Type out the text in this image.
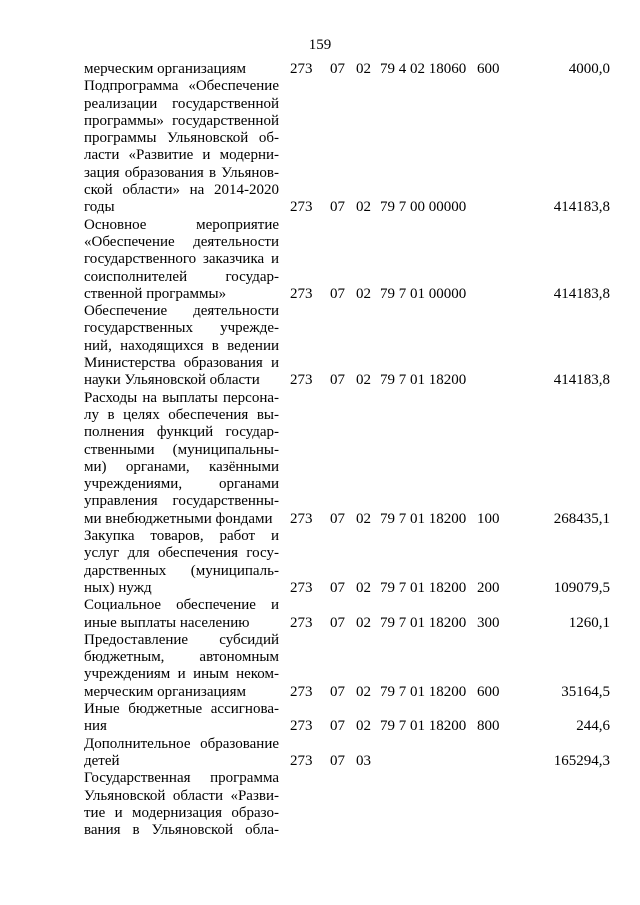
159
мерческим организациям	273 07 02 79 4 02 18060 600	4000,0
Подпрограмма «Обеспечение
реализации государственной
программы» государственной
программы Ульяновской об-
ласти «Развитие и модерни-
зация образования в Ульянов-
ской области» на 2014-2020
годы	273 07 02 79 7 00 00000	414183,8
Основное мероприятие
«Обеспечение деятельности
государственного заказчика и
соисполнителей государ-
ственной программы»	273 07 02 79 7 01 00000	414183,8
Обеспечение деятельности
государственных учрежде-
ний, находящихся в ведении
Министерства образования и
науки Ульяновской области	273 07 02 79 7 01 18200	414183,8
Расходы на выплаты персона-
лу в целях обеспечения вы-
полнения функций государ-
ственными (муниципальны-
ми) органами, казёнными
учреждениями, органами
управления государственны-
ми внебюджетными фондами	273 07 02 79 7 01 18200 100	268435,1
Закупка товаров, работ и
услуг для обеспечения госу-
дарственных (муниципаль-
ных) нужд	273 07 02 79 7 01 18200 200	109079,5
Социальное обеспечение и
иные выплаты населению	273 07 02 79 7 01 18200 300	1260,1
Предоставление субсидий
бюджетным, автономным
учреждениям и иным неком-
мерческим организациям	273 07 02 79 7 01 18200 600	35164,5
Иные бюджетные ассигнова-
ния	273 07 02 79 7 01 18200 800	244,6
Дополнительное образование
детей	273 07 03	165294,3
Государственная программа
Ульяновской области «Разви-
тие и модернизация образо-
вания в Ульяновской обла-
